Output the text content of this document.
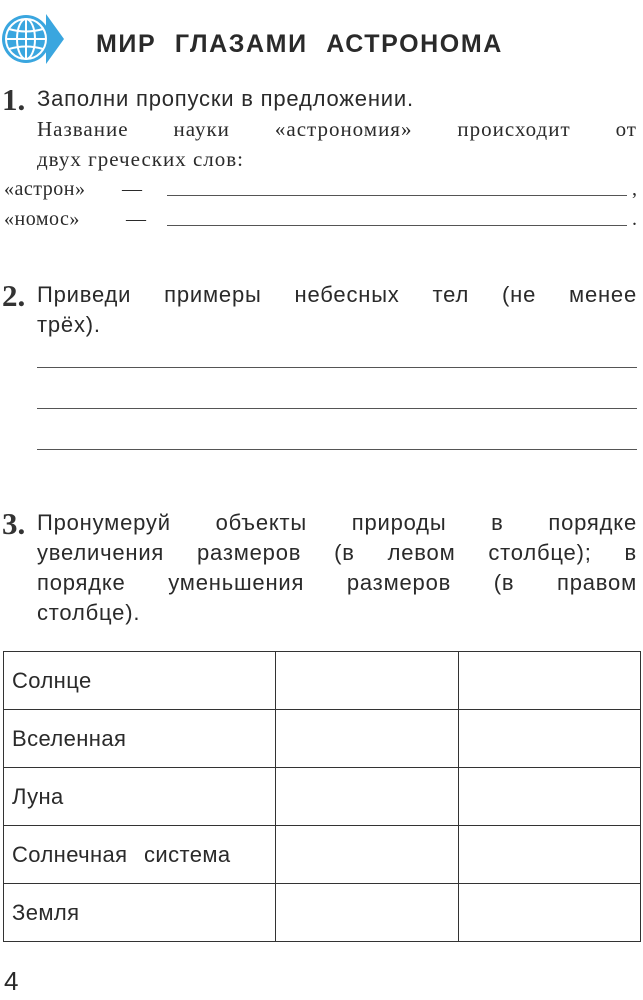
МИР ГЛАЗАМИ АСТРОНОМА
1. Заполни пропуски в предложении.
Название науки «астрономия» происходит от
двух греческих слов:
«астрон» —	,
«номос» —	.
2. Приведи примеры небесных тел (не менее
трёх).
3. Пронумеруй объекты природы в порядке
увеличения размеров (в левом столбце); в
порядке уменьшения размеров (в правом
столбце).
Солнце		
Вселенная		
Луна		
Солнечная система		
Земля		
4
